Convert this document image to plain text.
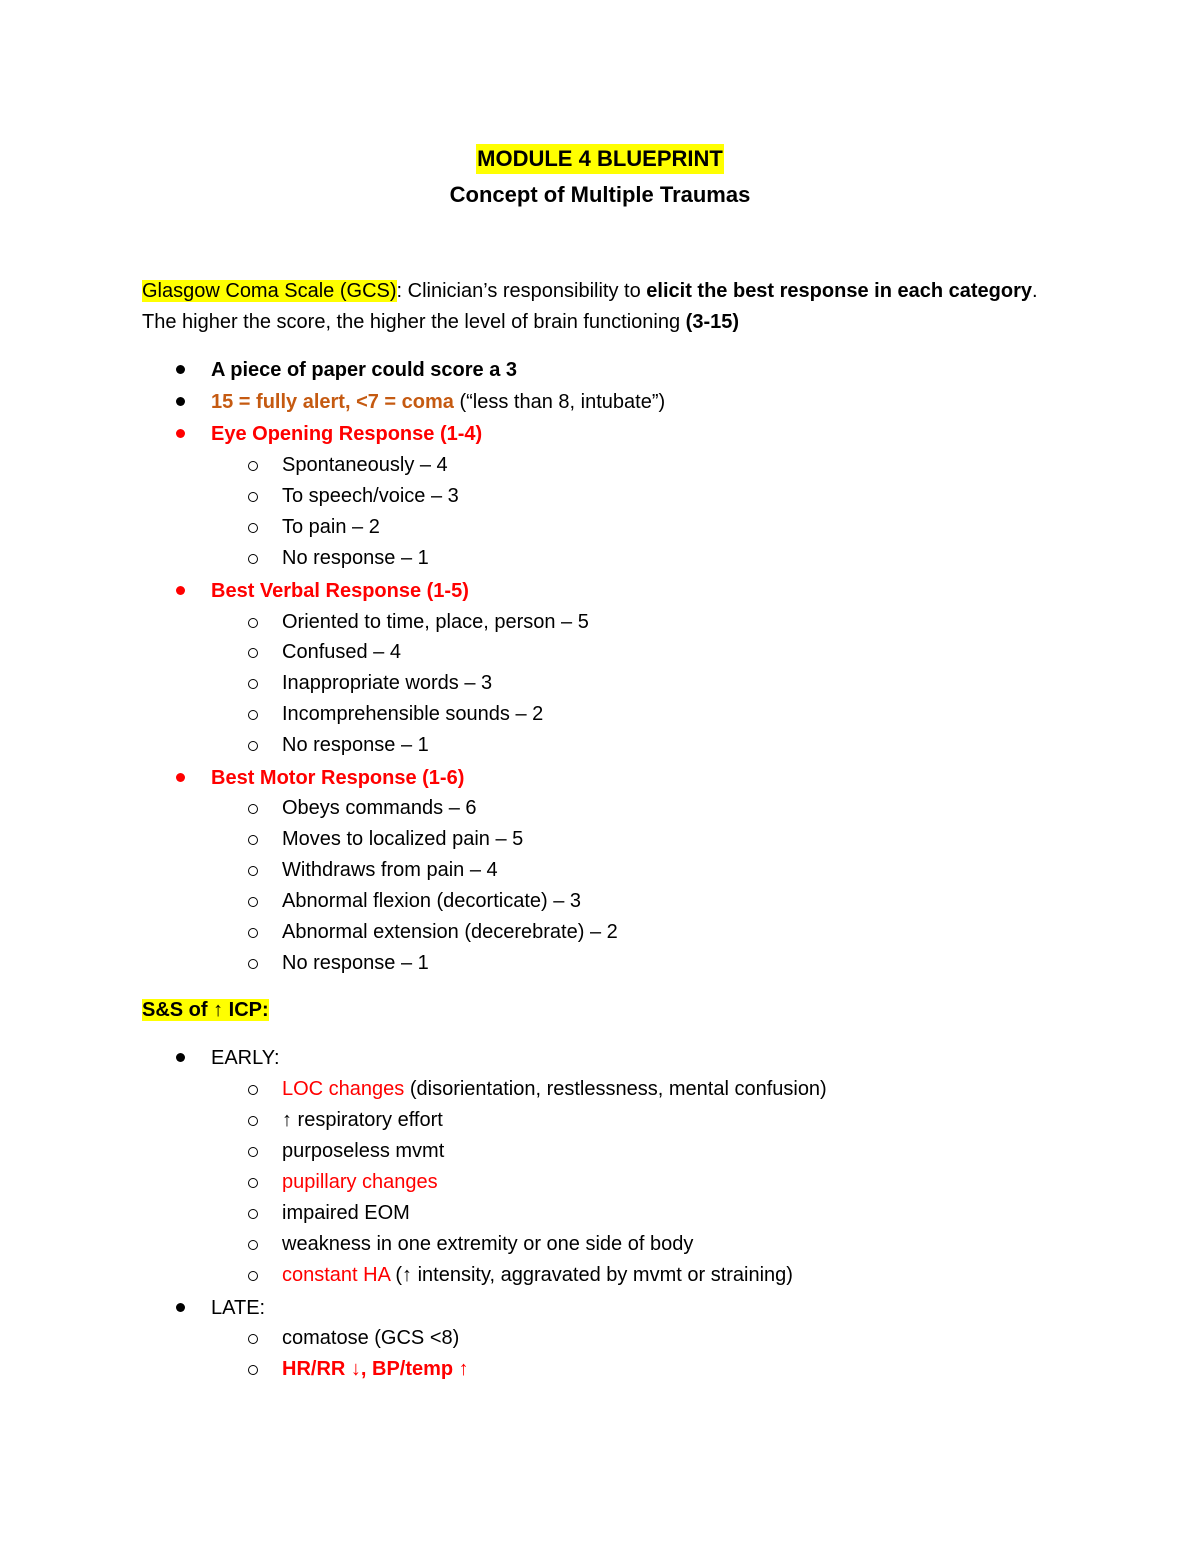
MODULE 4 BLUEPRINT
Concept of Multiple Traumas
Glasgow Coma Scale (GCS): Clinician’s responsibility to elicit the best response in each category. The higher the score, the higher the level of brain functioning (3-15)
A piece of paper could score a 3
15 = fully alert, <7 = coma (“less than 8, intubate”)
Eye Opening Response (1-4)
Spontaneously – 4
To speech/voice – 3
To pain – 2
No response – 1
Best Verbal Response (1-5)
Oriented to time, place, person – 5
Confused – 4
Inappropriate words – 3
Incomprehensible sounds – 2
No response – 1
Best Motor Response (1-6)
Obeys commands – 6
Moves to localized pain – 5
Withdraws from pain – 4
Abnormal flexion (decorticate) – 3
Abnormal extension (decerebrate) – 2
No response – 1
S&S of ↑ ICP:
EARLY:
LOC changes (disorientation, restlessness, mental confusion)
↑ respiratory effort
purposeless mvmt
pupillary changes
impaired EOM
weakness in one extremity or one side of body
constant HA (↑ intensity, aggravated by mvmt or straining)
LATE:
comatose (GCS <8)
HR/RR ↓, BP/temp ↑
